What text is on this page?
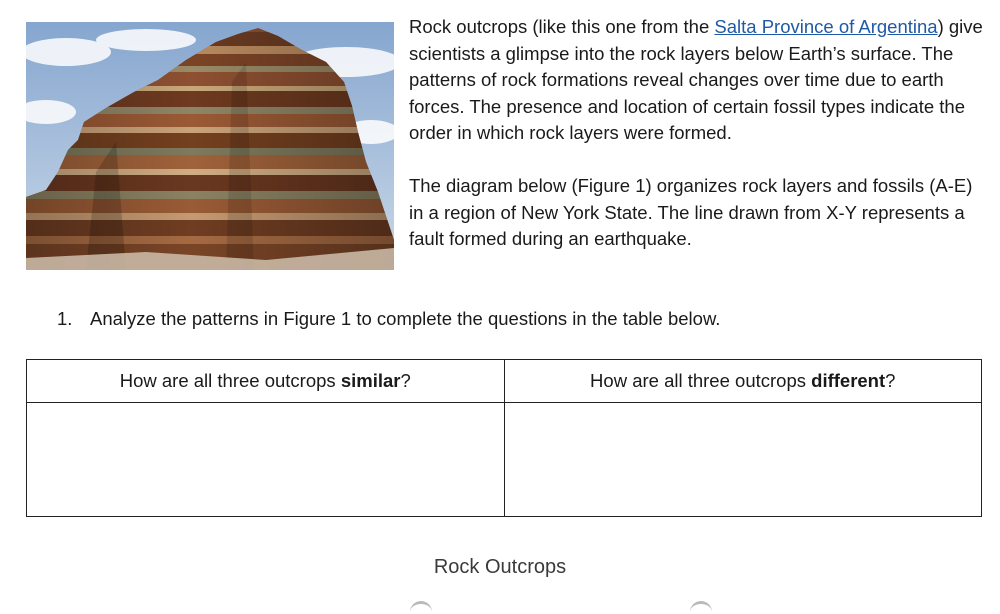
Rock outcrops (like this one from the Salta Province of Argentina) give scientists a glimpse into the rock layers below Earth’s surface. The patterns of rock formations reveal changes over time due to earth forces. The presence and location of certain fossil types indicate the order in which rock layers were formed.

The diagram below (Figure 1) organizes rock layers and fossils (A-E) in a region of New York State. The line drawn from X-Y represents a fault formed during an earthquake.

1. Analyze the patterns in Figure 1 to complete the questions in the table below.
How are all three outcrops similar?	How are all three outcrops different?

Rock Outcrops
